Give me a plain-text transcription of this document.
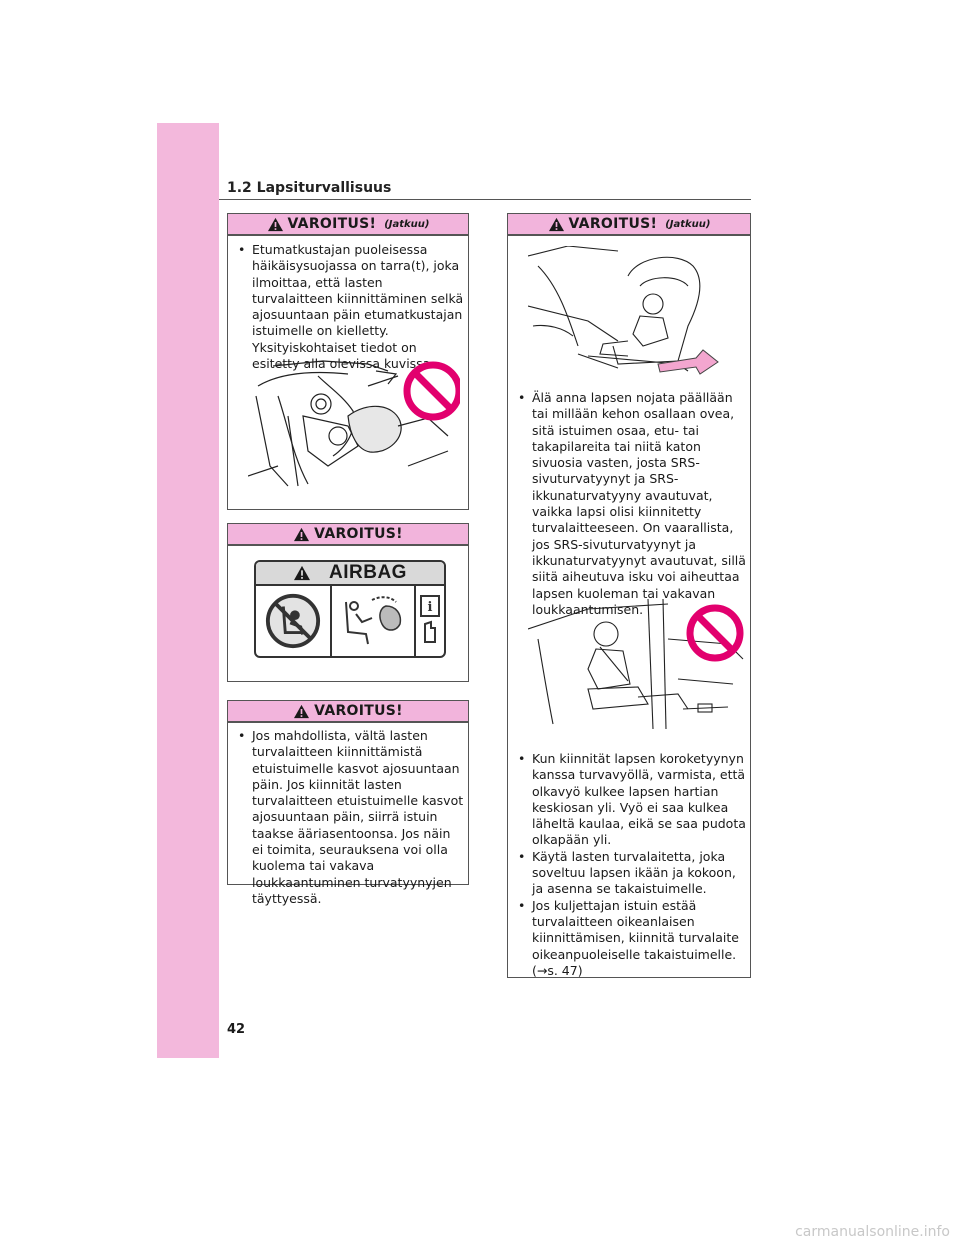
1.2 Lapsiturvallisuus
VAROITUS! (Jatkuu)

• Etumatkustajan puoleisessa häikäisysuojassa on tarra(t), joka ilmoittaa, että lasten turvalaitteen kiinnittäminen selkä ajosuuntaan päin etumatkustajan istuimelle on kielletty. Yksityiskohtaiset tiedot on esitetty alla olevissa kuvissa.

VAROITUS!
AIRBAG
i
VAROITUS!

• Jos mahdollista, vältä lasten turvalaitteen kiinnittämistä etuistuimelle kasvot ajosuuntaan päin. Jos kiinnität lasten turvalaitteen etuistuimelle kasvot ajosuuntaan päin, siirrä istuin taakse ääriasentoonsa. Jos näin ei toimita, seurauksena voi olla kuolema tai vakava loukkaantuminen turvatyynyjen täyttyessä.

VAROITUS! (Jatkuu)

• Älä anna lapsen nojata päällään tai millään kehon osallaan ovea, sitä istuimen osaa, etu- tai takapilareita tai niitä katon sivuosia vasten, josta SRS-sivuturvatyynyt ja SRS-ikkunaturvatyyny avautuvat, vaikka lapsi olisi kiinnitetty turvalaitteeseen. On vaarallista, jos SRS-sivuturvatyynyt ja ikkunaturvatyynyt avautuvat, sillä siitä aiheutuva isku voi aiheuttaa lapsen kuoleman tai vakavan loukkaantumisen.

• Kun kiinnität lapsen koroketyynyn kanssa turvavyöllä, varmista, että olkavyö kulkee lapsen hartian keskiosan yli. Vyö ei saa kulkea läheltä kaulaa, eikä se saa pudota olkapään yli.
• Käytä lasten turvalaitetta, joka soveltuu lapsen ikään ja kokoon, ja asenna se takaistuimelle.
• Jos kuljettajan istuin estää turvalaitteen oikeanlaisen kiinnittämisen, kiinnitä turvalaite oikeanpuoleiselle takaistuimelle. (→s. 47)
42
carmanualsonline.info
